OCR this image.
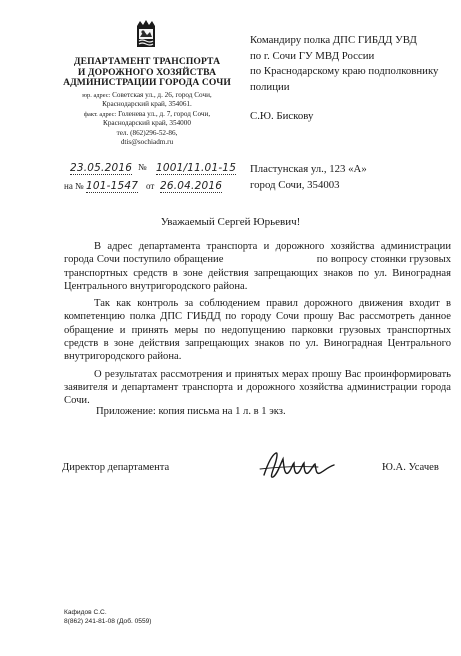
ДЕПАРТАМЕНТ ТРАНСПОРТА
И ДОРОЖНОГО ХОЗЯЙСТВА
АДМИНИСТРАЦИИ ГОРОДА СОЧИ
юр. адрес: Советская ул., д. 26, город Сочи,
Краснодарский край, 354061.
факт. адрес: Голенева ул., д. 7, город Сочи,
Краснодарский край, 354000
тел. (862)296-52-86,
dtis@sochiadm.ru
23.05.2016 № 1001/11.01-15
на № 101-1547 от 26.04.2016
Командиру полка ДПС ГИБДД УВД
по г. Сочи ГУ МВД России
по Краснодарскому краю подполковнику
полиции
С.Ю. Бискову
Пластунская ул., 123 «А»
город Сочи, 354003
Уважаемый Сергей Юрьевич!

В адрес департамента транспорта и дорожного хозяйства администрации города Сочи поступило обращение                              по вопросу стоянки грузовых транспортных средств в зоне действия запрещающих знаков по ул. Виноградная Центрального внутригородского района.

Так как контроль за соблюдением правил дорожного движения входит в компетенцию полка ДПС ГИБДД по городу Сочи прошу Вас рассмотреть данное обращение и принять меры по недопущению парковки грузовых транспортных средств в зоне действия запрещающих знаков по ул. Виноградная Центрального внутригородского района.

О результатах рассмотрения и принятых мерах прошу Вас проинформировать заявителя и департамент транспорта и дорожного хозяйства администрации города Сочи.

Приложение: копия письма на 1 л. в 1 экз.
Директор департамента	Ю.А. Усачев
Кафидов С.С.
8(862) 241-81-08 (Доб. 0559)
